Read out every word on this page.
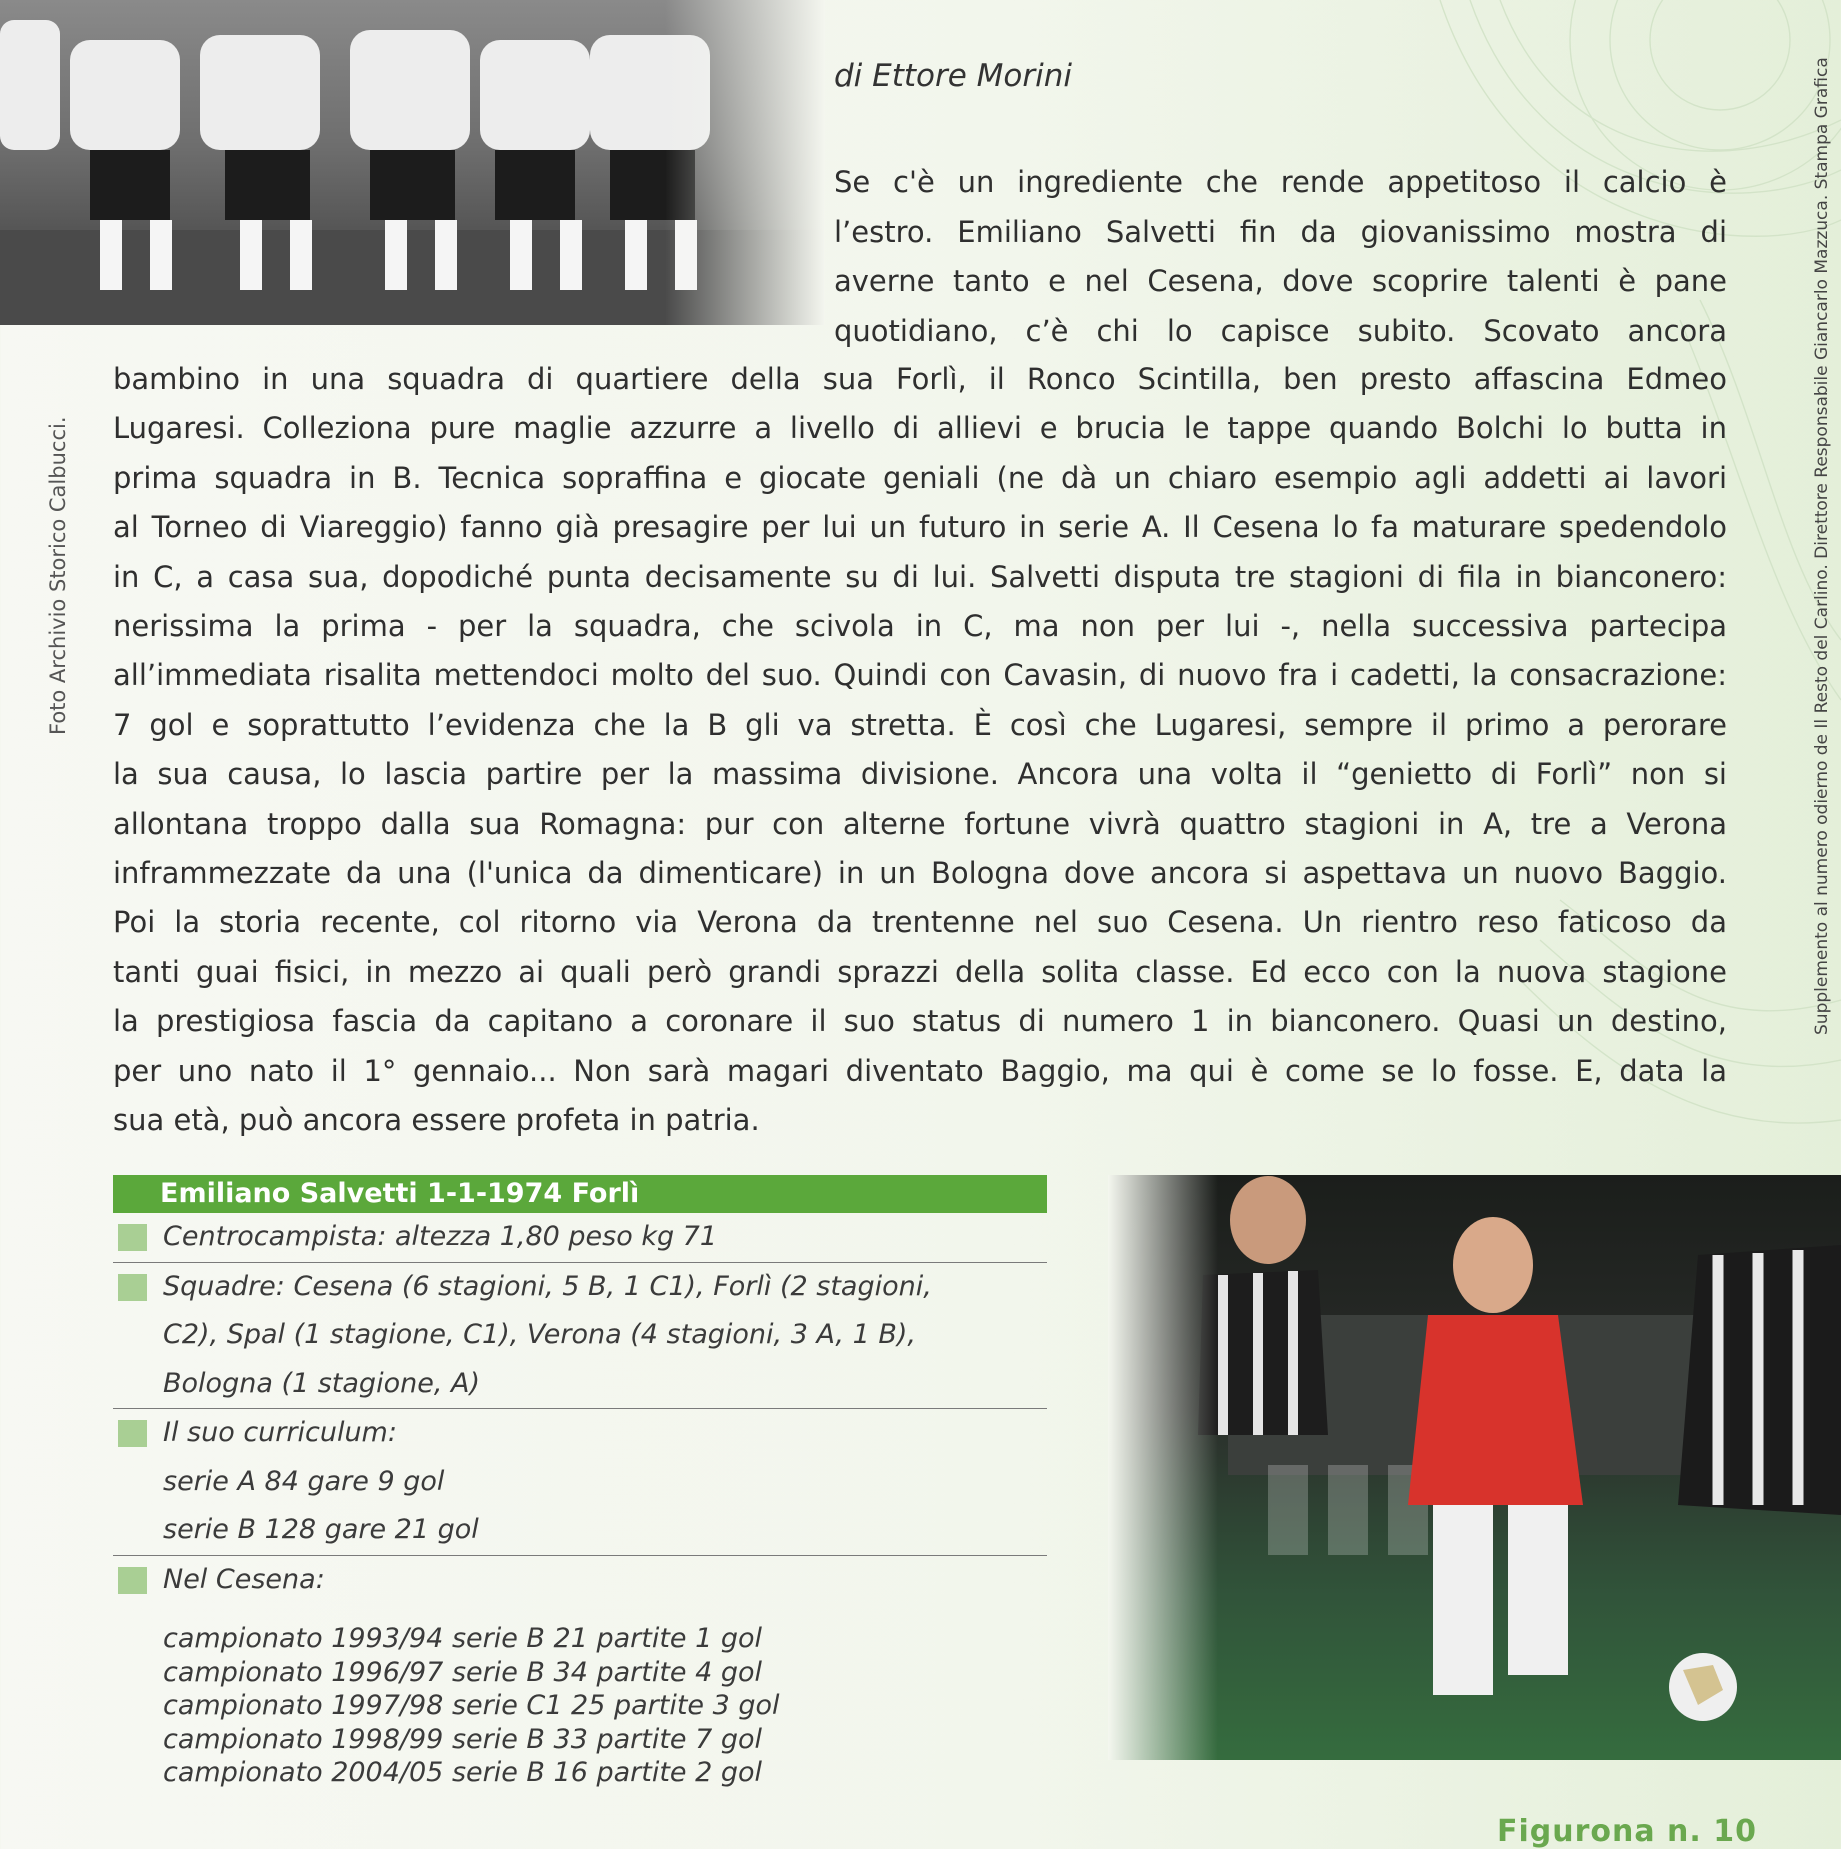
di Ettore Morini

Se c'è un ingrediente che rende appetitoso il calcio è

l’estro. Emiliano Salvetti fin da giovanissimo mostra di

averne tanto e nel Cesena, dove scoprire talenti è pane

quotidiano, c’è chi lo capisce subito. Scovato ancora

bambino in una squadra di quartiere della sua Forlì, il Ronco Scintilla, ben presto affascina Edmeo

Lugaresi. Colleziona pure maglie azzurre a livello di allievi e brucia le tappe quando Bolchi lo butta in

prima squadra in B. Tecnica sopraffina e giocate geniali (ne dà un chiaro esempio agli addetti ai lavori

al Torneo di Viareggio) fanno già presagire per lui un futuro in serie A. Il Cesena lo fa maturare spedendolo

in C, a casa sua, dopodiché punta decisamente su di lui. Salvetti disputa tre stagioni di fila in bianconero:

nerissima la prima - per la squadra, che scivola in C, ma non per lui -, nella successiva partecipa

all’immediata risalita mettendoci molto del suo. Quindi con Cavasin, di nuovo fra i cadetti, la consacrazione:

7 gol e soprattutto l’evidenza che la B gli va stretta. È così che Lugaresi, sempre il primo a perorare

la sua causa, lo lascia partire per la massima divisione. Ancora una volta il “genietto di Forlì” non si

allontana troppo dalla sua Romagna: pur con alterne fortune vivrà quattro stagioni in A, tre a Verona

inframmezzate da una (l'unica da dimenticare) in un Bologna dove ancora si aspettava un nuovo Baggio.

Poi la storia recente, col ritorno via Verona da trentenne nel suo Cesena. Un rientro reso faticoso da

tanti guai fisici, in mezzo ai quali però grandi sprazzi della solita classe. Ed ecco con la nuova stagione

la prestigiosa fascia da capitano a coronare il suo status di numero 1 in bianconero. Quasi un destino,

per uno nato il 1° gennaio... Non sarà magari diventato Baggio, ma qui è come se lo fosse. E, data la

sua età, può ancora essere profeta in patria.

Foto Archivio Storico Calbucci.	Supplemento al numero odierno de Il Resto del Carlino. Direttore Responsabile Giancarlo Mazzuca. Stampa Grafica
Emiliano Salvetti 1-1-1974 Forlì
Centrocampista: altezza 1,80 peso kg 71
Squadre: Cesena (6 stagioni, 5 B, 1 C1), Forlì (2 stagioni,
C2), Spal (1 stagione, C1), Verona (4 stagioni, 3 A, 1 B),
Bologna (1 stagione, A)
Il suo curriculum:
serie A 84 gare 9 gol
serie B 128 gare 21 gol
Nel Cesena:
campionato 1993/94 serie B 21 partite 1 gol
campionato 1996/97 serie B 34 partite 4 gol
campionato 1997/98 serie C1 25 partite 3 gol
campionato 1998/99 serie B 33 partite 7 gol
campionato 2004/05 serie B 16 partite 2 gol
Figurona n. 10
